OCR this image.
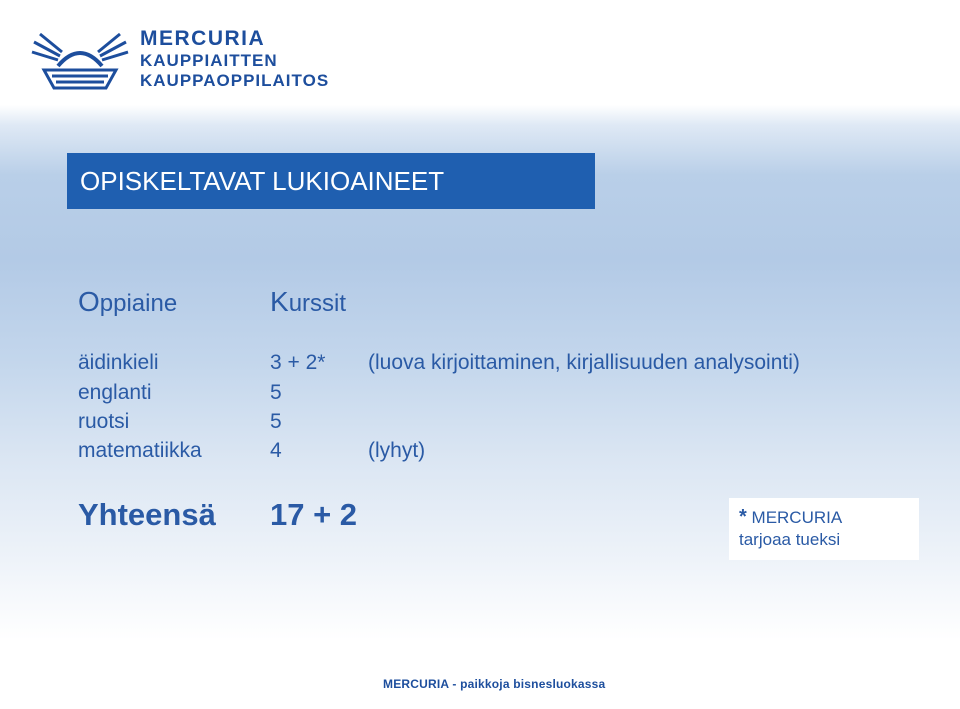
MERCURIA
KAUPPIAITTEN
KAUPPAOPPILAITOS
OPISKELTAVAT LUKIOAINEET
Oppiaine	Kurssit
äidinkieli	3 + 2* (luova kirjoittaminen, kirjallisuuden analysointi)
englanti	5
ruotsi	5
matematiikka	4	(lyhyt)
Yhteensä 17 + 2	* MERCURIA
tarjoaa tueksi
MERCURIA - paikkoja bisnesluokassa
